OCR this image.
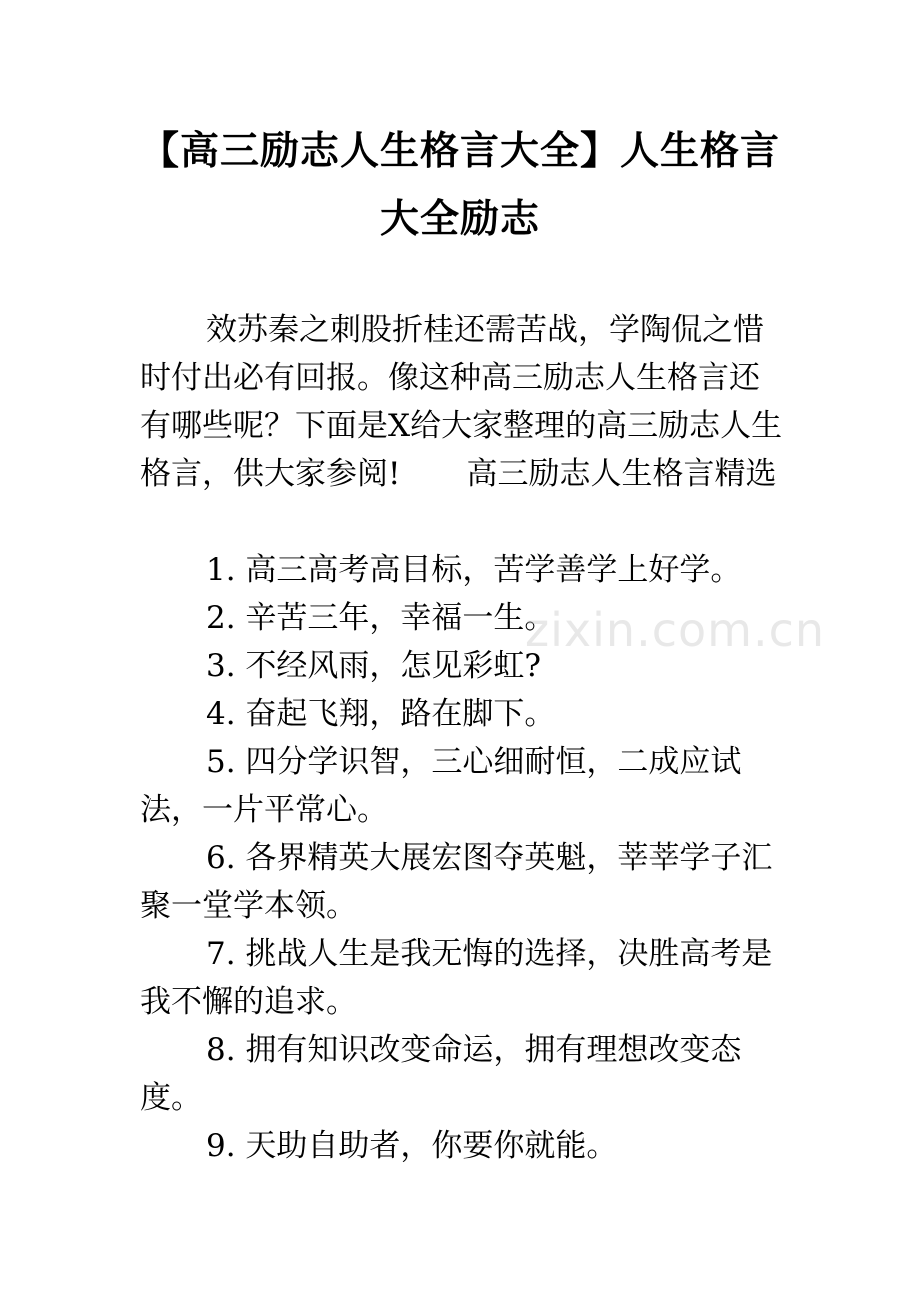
【高三励志人生格言大全】人生格言
大全励志

效苏秦之刺股折桂还需苦战，学陶侃之惜时付出必有回报。像这种高三励志人生格言还有哪些呢？下面是X给大家整理的高三励志人生格言，供大家参阅! 高三励志人生格言精选

1. 高三高考高目标，苦学善学上好学。
2. 辛苦三年，幸福一生。
3. 不经风雨，怎见彩虹?
4. 奋起飞翔，路在脚下。
5. 四分学识智，三心细耐恒，二成应试法，一片平常心。
6. 各界精英大展宏图夺英魁，莘莘学子汇聚一堂学本领。
7. 挑战人生是我无悔的选择，决胜高考是我不懈的追求。
8. 拥有知识改变命运，拥有理想改变态度。
9. 天助自助者，你要你就能。
zixin.com.cn
